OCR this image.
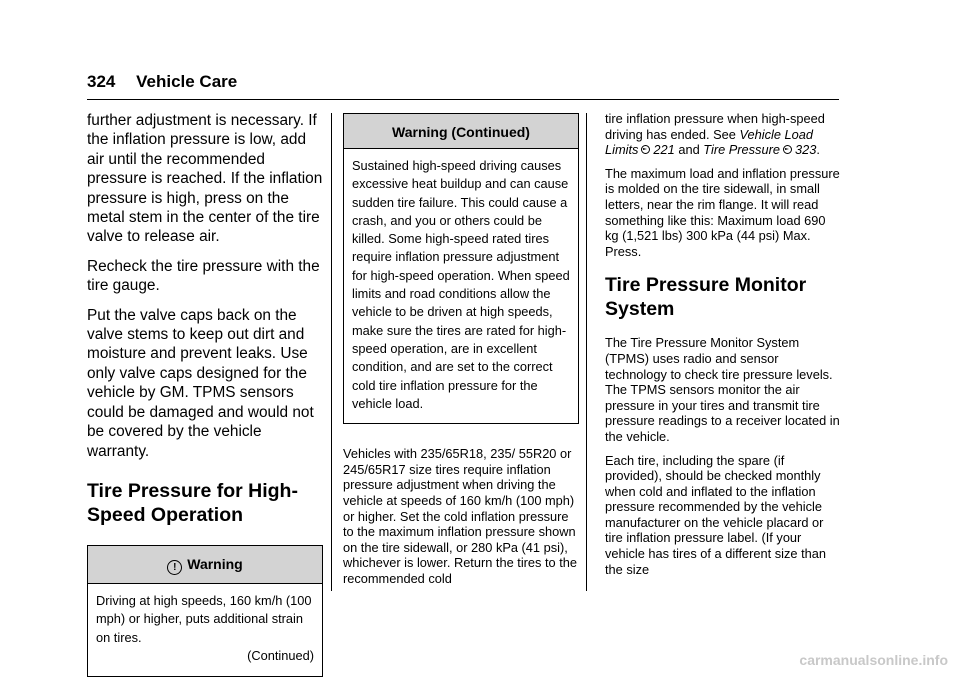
324 Vehicle Care

further adjustment is necessary. If the inflation pressure is low, add air until the recommended pressure is reached. If the inflation pressure is high, press on the metal stem in the center of the tire valve to release air.

Recheck the tire pressure with the tire gauge.

Put the valve caps back on the valve stems to keep out dirt and moisture and prevent leaks. Use only valve caps designed for the vehicle by GM. TPMS sensors could be damaged and would not be covered by the vehicle warranty.

Tire Pressure for High-Speed Operation
! Warning
Driving at high speeds, 160 km/h (100 mph) or higher, puts additional strain on tires.
(Continued)
Warning (Continued)
Sustained high-speed driving causes excessive heat buildup and can cause sudden tire failure. This could cause a crash, and you or others could be killed. Some high-speed rated tires require inflation pressure adjustment for high-speed operation. When speed limits and road conditions allow the vehicle to be driven at high speeds, make sure the tires are rated for high-speed operation, are in excellent condition, and are set to the correct cold tire inflation pressure for the vehicle load.

Vehicles with 235/65R18, 235/ 55R20 or 245/65R17 size tires require inflation pressure adjustment when driving the vehicle at speeds of 160 km/h (100 mph) or higher. Set the cold inflation pressure to the maximum inflation pressure shown on the tire sidewall, or 280 kPa (41 psi), whichever is lower. Return the tires to the recommended cold

tire inflation pressure when high-speed driving has ended. See Vehicle Load Limits 221 and Tire Pressure 323.

The maximum load and inflation pressure is molded on the tire sidewall, in small letters, near the rim flange. It will read something like this: Maximum load 690 kg (1,521 lbs) 300 kPa (44 psi) Max. Press.

Tire Pressure Monitor System

The Tire Pressure Monitor System (TPMS) uses radio and sensor technology to check tire pressure levels. The TPMS sensors monitor the air pressure in your tires and transmit tire pressure readings to a receiver located in the vehicle.

Each tire, including the spare (if provided), should be checked monthly when cold and inflated to the inflation pressure recommended by the vehicle manufacturer on the vehicle placard or tire inflation pressure label. (If your vehicle has tires of a different size than the size

carmanualsonline.info
